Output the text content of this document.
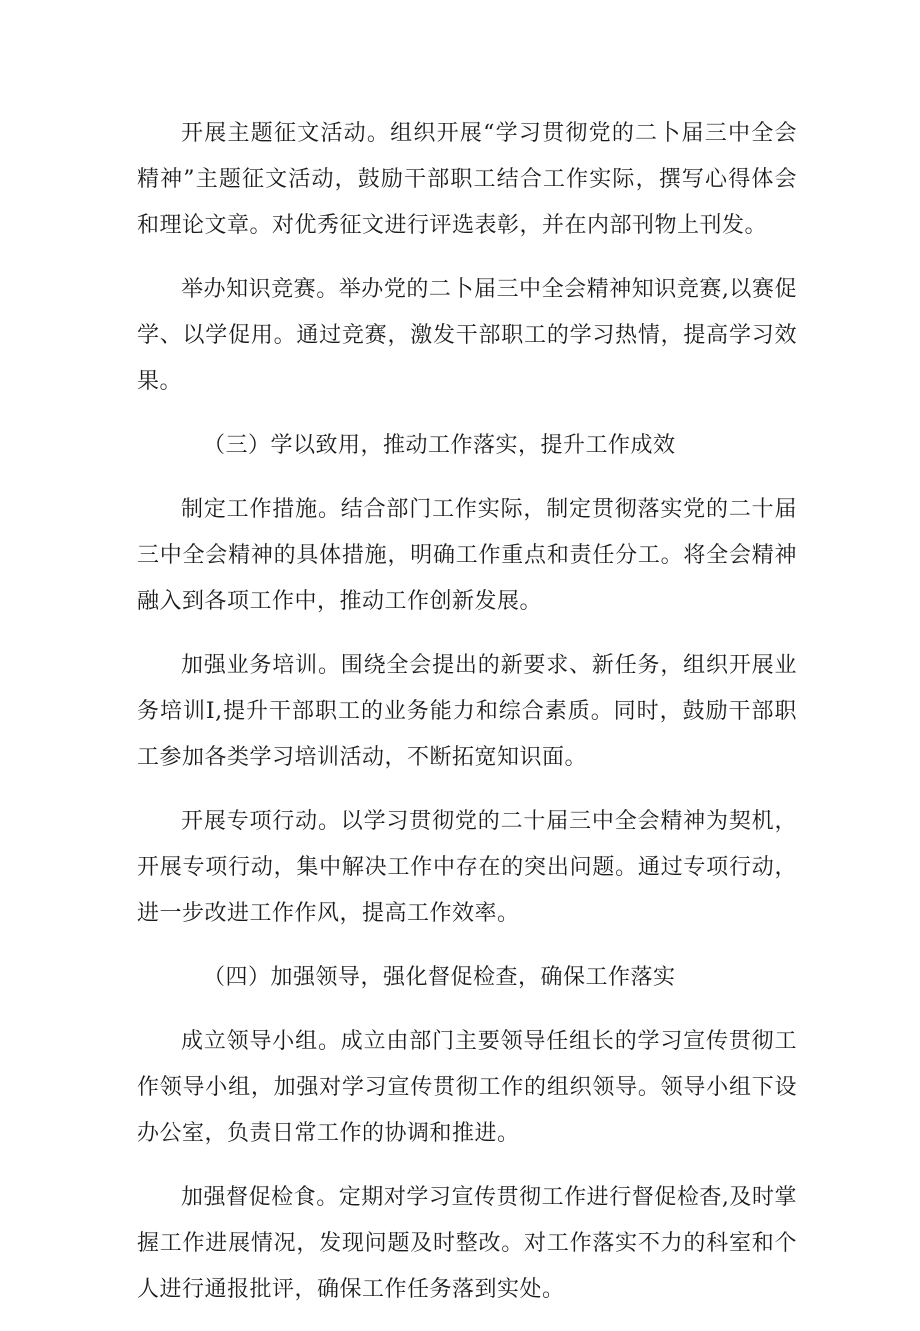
开展主题征文活动。组织开展“学习贯彻党的二卜届三中全会精神”主题征文活动，鼓励干部职工结合工作实际，撰写心得体会和理论文章。对优秀征文进行评选表彰，并在内部刊物上刊发。

举办知识竞赛。举办党的二卜届三中全会精神知识竞赛,以赛促学、以学促用。通过竞赛，激发干部职工的学习热情，提高学习效果。

（三）学以致用，推动工作落实，提升工作成效

制定工作措施。结合部门工作实际，制定贯彻落实党的二十届三中全会精神的具体措施，明确工作重点和责任分工。将全会精神融入到各项工作中，推动工作创新发展。

加强业务培训。围绕全会提出的新要求、新任务，组织开展业务培训I,提升干部职工的业务能力和综合素质。同时，鼓励干部职工参加各类学习培训活动，不断拓宽知识面。

开展专项行动。以学习贯彻党的二十届三中全会精神为契机，开展专项行动，集中解决工作中存在的突出问题。通过专项行动，进一步改进工作作风，提高工作效率。

（四）加强领导，强化督促检查，确保工作落实

成立领导小组。成立由部门主要领导任组长的学习宣传贯彻工作领导小组，加强对学习宣传贯彻工作的组织领导。领导小组下设办公室，负责日常工作的协调和推进。

加强督促检食。定期对学习宣传贯彻工作进行督促检杳,及时掌握工作进展情况，发现问题及时整改。对工作落实不力的科室和个人进行通报批评，确保工作任务落到实处。
